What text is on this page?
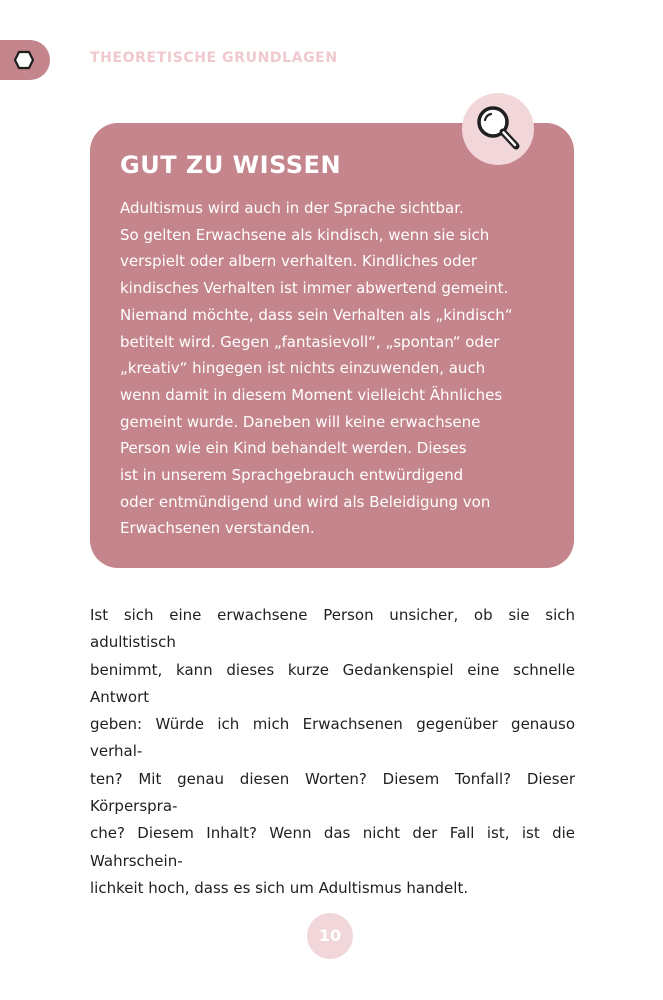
THEORETISCHE GRUNDLAGEN
GUT ZU WISSEN
Adultismus wird auch in der Sprache sichtbar.
So gelten Erwachsene als kindisch, wenn sie sich
verspielt oder albern verhalten. Kindliches oder
kindisches Verhalten ist immer abwertend gemeint.
Niemand möchte, dass sein Verhalten als „kindisch“
betitelt wird. Gegen „fantasievoll“, „spontan“ oder
„kreativ“ hingegen ist nichts einzuwenden, auch
wenn damit in diesem Moment vielleicht Ähnliches
gemeint wurde. Daneben will keine erwachsene
Person wie ein Kind behandelt werden. Dieses
ist in unserem Sprachgebrauch entwürdigend
oder entmündigend und wird als Beleidigung von
Erwachsenen verstanden.
Ist sich eine erwachsene Person unsicher, ob sie sich adultistisch
benimmt, kann dieses kurze Gedankenspiel eine schnelle Antwort
geben: Würde ich mich Erwachsenen gegenüber genauso verhal-
ten? Mit genau diesen Worten? Diesem Tonfall? Dieser Körperspra-
che? Diesem Inhalt? Wenn das nicht der Fall ist, ist die Wahrschein-
lichkeit hoch, dass es sich um Adultismus handelt.
10
